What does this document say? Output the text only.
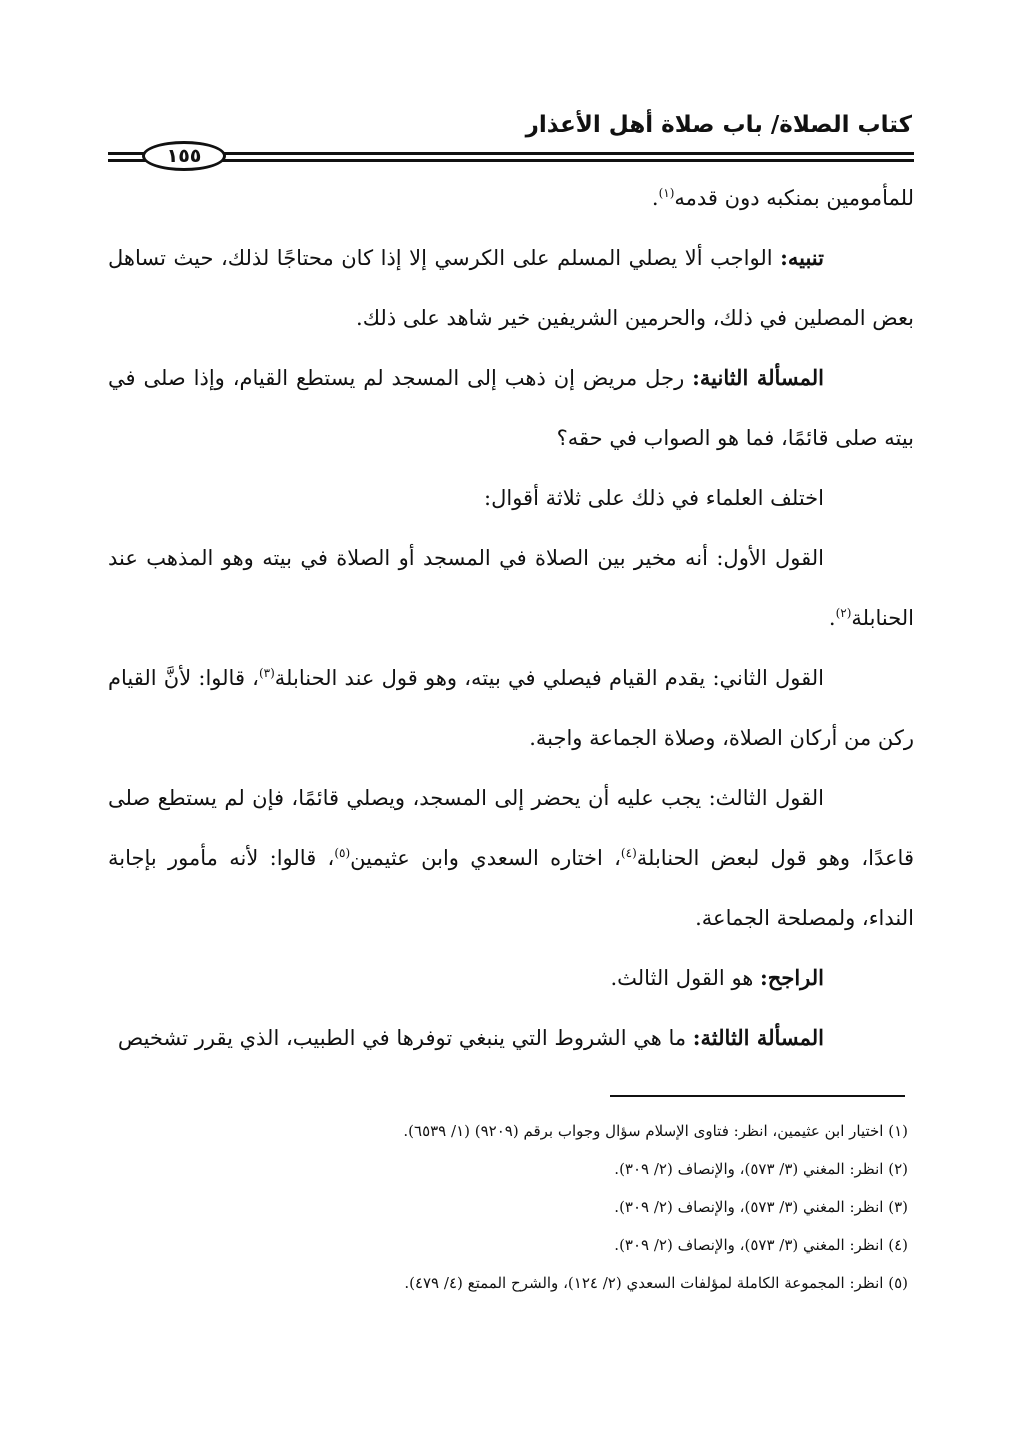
كتاب الصلاة/ باب صلاة أهل الأعذار
١٥٥

للمأمومين بمنكبه دون قدمه$^{(١)}$.

تنبيه: الواجب ألا يصلي المسلم على الكرسي إلا إذا كان محتاجًا لذلك، حيث تساهل بعض المصلين في ذلك، والحرمين الشريفين خير شاهد على ذلك.

المسألة الثانية: رجل مريض إن ذهب إلى المسجد لم يستطع القيام، وإذا صلى في بيته صلى قائمًا، فما هو الصواب في حقه؟

اختلف العلماء في ذلك على ثلاثة أقوال:

القول الأول: أنه مخير بين الصلاة في المسجد أو الصلاة في بيته وهو المذهب عند الحنابلة$^{(٢)}$.

القول الثاني: يقدم القيام فيصلي في بيته، وهو قول عند الحنابلة$^{(٣)}$، قالوا: لأنَّ القيام ركن من أركان الصلاة، وصلاة الجماعة واجبة.

القول الثالث: يجب عليه أن يحضر إلى المسجد، ويصلي قائمًا، فإن لم يستطع صلى قاعدًا، وهو قول لبعض الحنابلة$^{(٤)}$، اختاره السعدي وابن عثيمين$^{(٥)}$، قالوا: لأنه مأمور بإجابة النداء، ولمصلحة الجماعة.

الراجح: هو القول الثالث.

المسألة الثالثة: ما هي الشروط التي ينبغي توفرها في الطبيب، الذي يقرر تشخيص

(١) اختيار ابن عثيمين، انظر: فتاوى الإسلام سؤال وجواب برقم (٩٢٠٩) (١/ ٦٥٣٩).
(٢) انظر: المغني (٣/ ٥٧٣)، والإنصاف (٢/ ٣٠٩).
(٣) انظر: المغني (٣/ ٥٧٣)، والإنصاف (٢/ ٣٠٩).
(٤) انظر: المغني (٣/ ٥٧٣)، والإنصاف (٢/ ٣٠٩).
(٥) انظر: المجموعة الكاملة لمؤلفات السعدي (٢/ ١٢٤)، والشرح الممتع (٤/ ٤٧٩).
